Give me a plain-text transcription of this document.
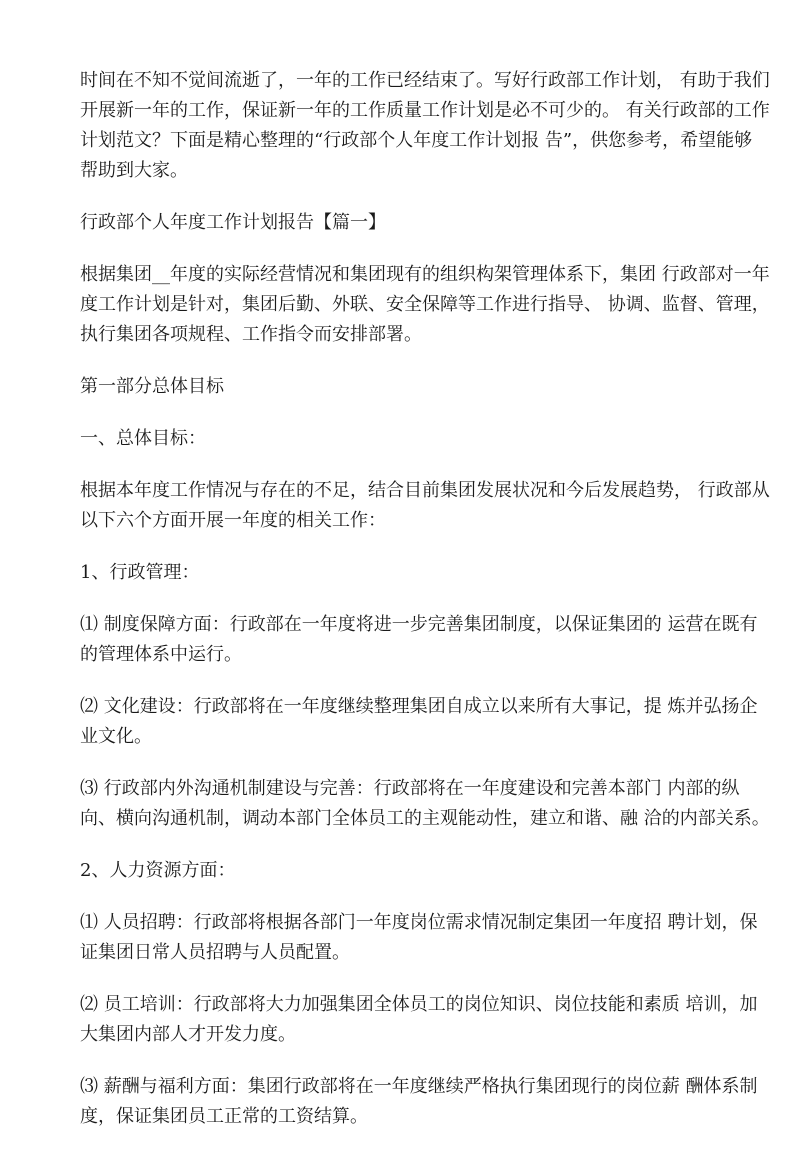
时间在不知不觉间流逝了，一年的工作已经结束了。写好行政部工作计划， 有助于我们开展新一年的工作，保证新一年的工作质量工作计划是必不可少的。 有关行政部的工作计划范文？下面是精心整理的“行政部个人年度工作计划报 告”，供您参考，希望能够帮助到大家。

行政部个人年度工作计划报告【篇一】

根据集团__年度的实际经营情况和集团现有的组织构架管理体系下，集团 行政部对一年度工作计划是针对，集团后勤、外联、安全保障等工作进行指导、 协调、监督、管理，执行集团各项规程、工作指令而安排部署。

第一部分总体目标

一、总体目标：

根据本年度工作情况与存在的不足，结合目前集团发展状况和今后发展趋势， 行政部从以下六个方面开展一年度的相关工作：

1、行政管理：

⑴ 制度保障方面：行政部在一年度将进一步完善集团制度，以保证集团的 运营在既有的管理体系中运行。

⑵ 文化建设：行政部将在一年度继续整理集团自成立以来所有大事记，提 炼并弘扬企业文化。

⑶ 行政部内外沟通机制建设与完善：行政部将在一年度建设和完善本部门 内部的纵向、横向沟通机制，调动本部门全体员工的主观能动性，建立和谐、融 洽的内部关系。

2、人力资源方面：

⑴ 人员招聘：行政部将根据各部门一年度岗位需求情况制定集团一年度招 聘计划，保证集团日常人员招聘与人员配置。

⑵ 员工培训：行政部将大力加强集团全体员工的岗位知识、岗位技能和素质 培训，加大集团内部人才开发力度。

⑶ 薪酬与福利方面：集团行政部将在一年度继续严格执行集团现行的岗位薪 酬体系制度，保证集团员工正常的工资结算。
